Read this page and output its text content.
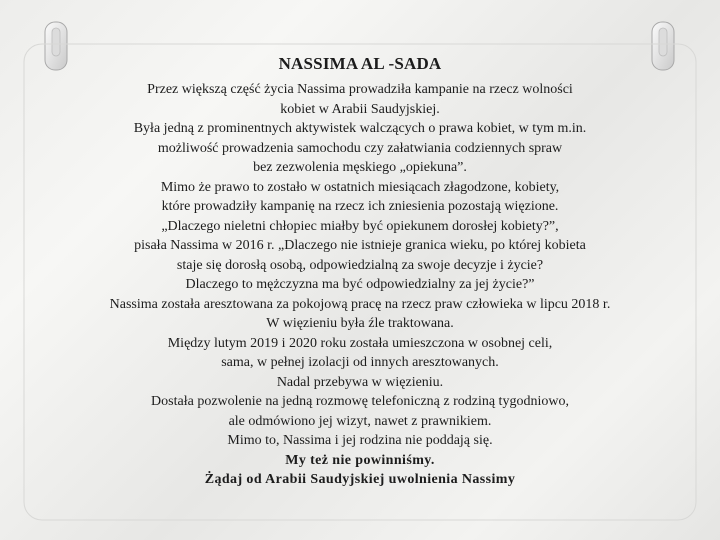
NASSIMA AL -SADA

Przez większą część życia Nassima prowadziła kampanie na rzecz wolności

kobiet w Arabii Saudyjskiej.

Była jedną z prominentnych aktywistek walczących o prawa kobiet, w tym m.in.

możliwość prowadzenia samochodu czy załatwiania codziennych spraw

bez zezwolenia męskiego „opiekuna”.

Mimo że prawo to zostało w ostatnich miesiącach złagodzone, kobiety,

które prowadziły kampanię na rzecz ich zniesienia pozostają więzione.

„Dlaczego nieletni chłopiec miałby być opiekunem dorosłej kobiety?”,

pisała Nassima w 2016 r. „Dlaczego nie istnieje granica wieku, po której kobieta

staje się dorosłą osobą, odpowiedzialną za swoje decyzje i życie?

Dlaczego to mężczyzna ma być odpowiedzialny za jej życie?”

Nassima została aresztowana za pokojową pracę na rzecz praw człowieka w lipcu 2018 r.

W więzieniu była źle traktowana.

Między lutym 2019 i 2020 roku została umieszczona w osobnej celi,

sama, w pełnej izolacji od innych aresztowanych.

Nadal przebywa w więzieniu.

Dostała pozwolenie na jedną rozmowę telefoniczną z rodziną tygodniowo,

ale odmówiono jej wizyt, nawet z prawnikiem.

Mimo to, Nassima i jej rodzina nie poddają się.

My też nie powinniśmy.

Żądaj od Arabii Saudyjskiej uwolnienia Nassimy
